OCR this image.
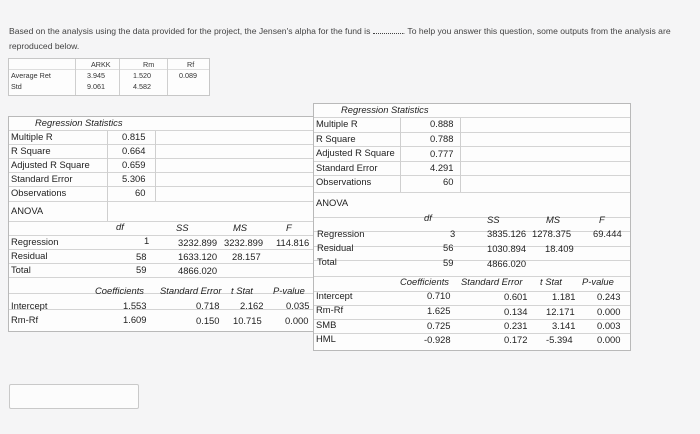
Based on the analysis using the data provided for the project, the Jensen's alpha for the fund is	. To help you answer this question, some outputs from the analysis are reproduced below.
ARKK	Rm	Rf
Average Ret	3.945	1.520	0.089
Std	9.061	4.582
Regression Statistics
Multiple R	0.815
R Square	0.664
Adjusted R Square	0.659
Standard Error	5.306
Observations	60
ANOVA
df	SS	MS	F
Regression	1	3232.899 3232.899 114.816
Residual	58	1633.120 28.157
Total	59	4866.020
Coefficients Standard Error t Stat P-value
Intercept	1.553	0.718 2.162 0.035
Rm-Rf	1.609	0.150 10.715 0.000
Regression Statistics
Multiple R	0.888
R Square	0.788
Adjusted R Square	0.777
Standard Error	4.291
Observations	60
ANOVA
df	SS	MS	F
Regression	3	3835.126 1278.375 69.444
Residual	56	1030.894 18.409
Total	59	4866.020
Coefficients Standard Error t Stat P-value
Intercept	0.710	0.601	1.181 0.243
Rm-Rf	1.625	0.134 12.171 0.000
SMB	0.725	0.231	3.141 0.003
HML	-0.928	0.172 -5.394	0.000
